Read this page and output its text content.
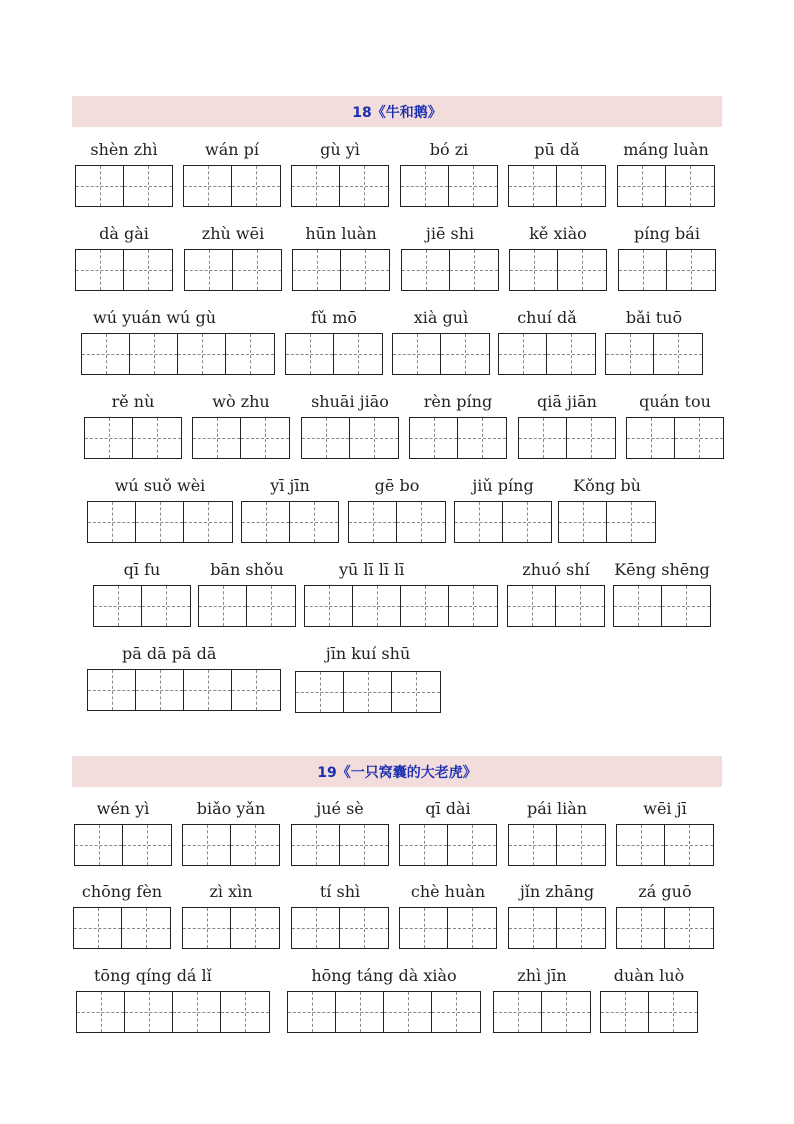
18《牛和鹅》
shèn zhì	wán pí	gù yì	bó zi	pū dǎ	máng luàn
dà gài	zhù wēi	hūn luàn	jiē shi	kě xiào	píng bái
wú yuán wú gù	fǔ mō	xià guì	chuí dǎ	bǎi tuō
rě nù	wò zhu	shuāi jiāo	rèn píng	qiā jiān	quán tou
wú suǒ wèi	yī jīn	gē bo	jiǔ píng	Kǒng bù
qī fu	bān shǒu	yū lī lī lī	zhuó shí	Kēng shēng
pā dā pā dā	jīn kuí shū
19《一只窝囊的大老虎》
wén yì	biǎo yǎn	jué sè	qī dài	pái liàn	wēi jī
chōng fèn	zì xìn	tí shì	chè huàn	jǐn zhāng	zá guō
tōng qíng dá lǐ	hōng táng dà xiào	zhì jīn	duàn luò
